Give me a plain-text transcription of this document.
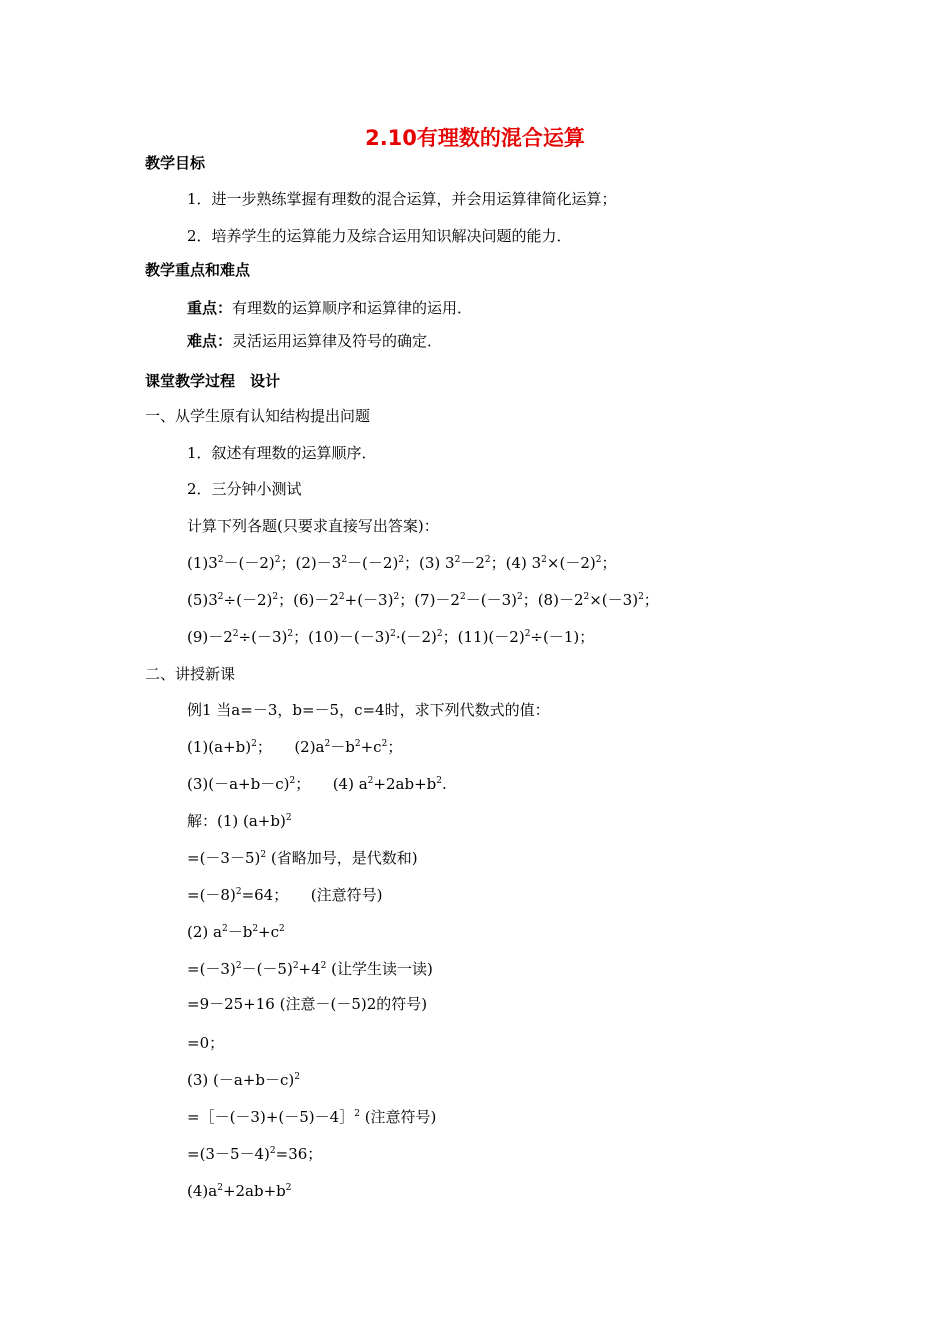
2.10有理数的混合运算
教学目标
1．进一步熟练掌握有理数的混合运算，并会用运算律简化运算；
2．培养学生的运算能力及综合运用知识解决问题的能力．
教学重点和难点
重点：有理数的运算顺序和运算律的运用．
难点：灵活运用运算律及符号的确定．
课堂教学过程　设计
一、从学生原有认知结构提出问题
1．叙述有理数的运算顺序．
2．三分钟小测试
计算下列各题(只要求直接写出答案)：
$(1)3^2-(-2)^2$；$(2)-3^2-(-2)^2$；(3) $3^2-2^2$；(4) $3^2\times(-2)^2$；
$(5)3^2\div(-2)^2$；$(6)-2^2+(-3)^2$；$(7)-2^2-(-3)^2$；$(8)-2^2\times(-3)^2$；
$(9)-2^2\div(-3)^2$；$(10)-(-3)^2\cdot(-2)^2$；$(11)(-2)^2\div(-1)$；
二、讲授新课
例1 当a=－3，b=－5，c=4时，求下列代数式的值：
$(1)(a+b)^2$；　　$(2)a^2-b^2+c^2$；
$(3)(-a+b-c)^2$；　　(4) $a^2+2ab+b^2$.
解：(1) $(a+b)^2$
$=(-3-5)^2$ (省略加号，是代数和)
$=(-8)^2=64$；　　(注意符号)
(2) $a^2-b^2+c^2$
$=(-3)^2-(-5)^2+4^2$ (让学生读一读)
=9－25+16 (注意－(－5)2的符号)
=0；
(3) $(-a+b-c)^2$
=［－(－3)+(－5)－4］$^2$ (注意符号)
$=(3-5-4)^2=36$；
$(4)a^2+2ab+b^2$
